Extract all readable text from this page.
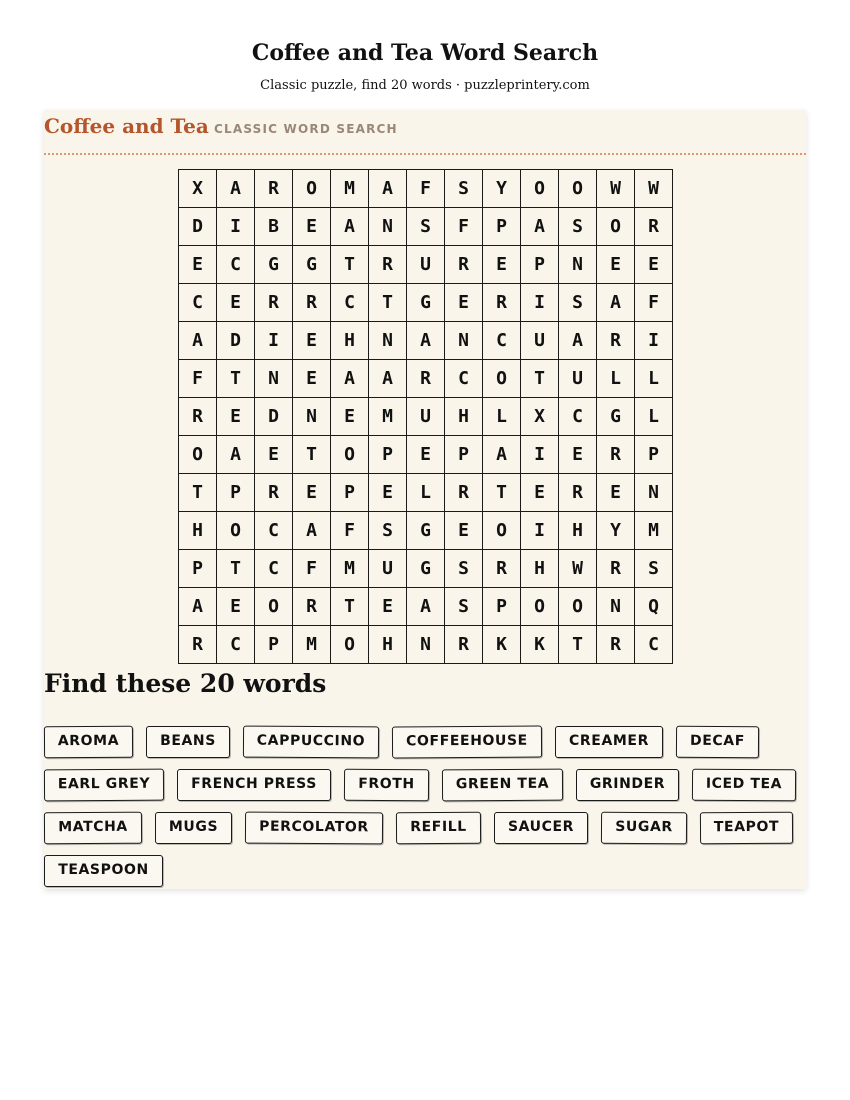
Coffee and Tea Word Search
Classic puzzle, find 20 words · puzzleprintery.com
Coffee and Tea CLASSIC WORD SEARCH
X	A	R	O	M	A	F	S	Y	O	O	W	W
D	I	B	E	A	N	S	F	P	A	S	O	R
E	C	G	G	T	R	U	R	E	P	N	E	E
C	E	R	R	C	T	G	E	R	I	S	A	F
A	D	I	E	H	N	A	N	C	U	A	R	I
F	T	N	E	A	A	R	C	O	T	U	L	L
R	E	D	N	E	M	U	H	L	X	C	G	L
O	A	E	T	O	P	E	P	A	I	E	R	P
T	P	R	E	P	E	L	R	T	E	R	E	N
H	O	C	A	F	S	G	E	O	I	H	Y	M
P	T	C	F	M	U	G	S	R	H	W	R	S
A	E	O	R	T	E	A	S	P	O	O	N	Q
R	C	P	M	O	H	N	R	K	K	T	R	C
Find these 20 words
AROMA	BEANS	CAPPUCCINO	COFFEEHOUSE	CREAMER	DECAF
EARL GREY	FRENCH PRESS	FROTH	GREEN TEA	GRINDER	ICED TEA
MATCHA	MUGS	PERCOLATOR	REFILL	SAUCER	SUGAR	TEAPOT
TEASPOON
